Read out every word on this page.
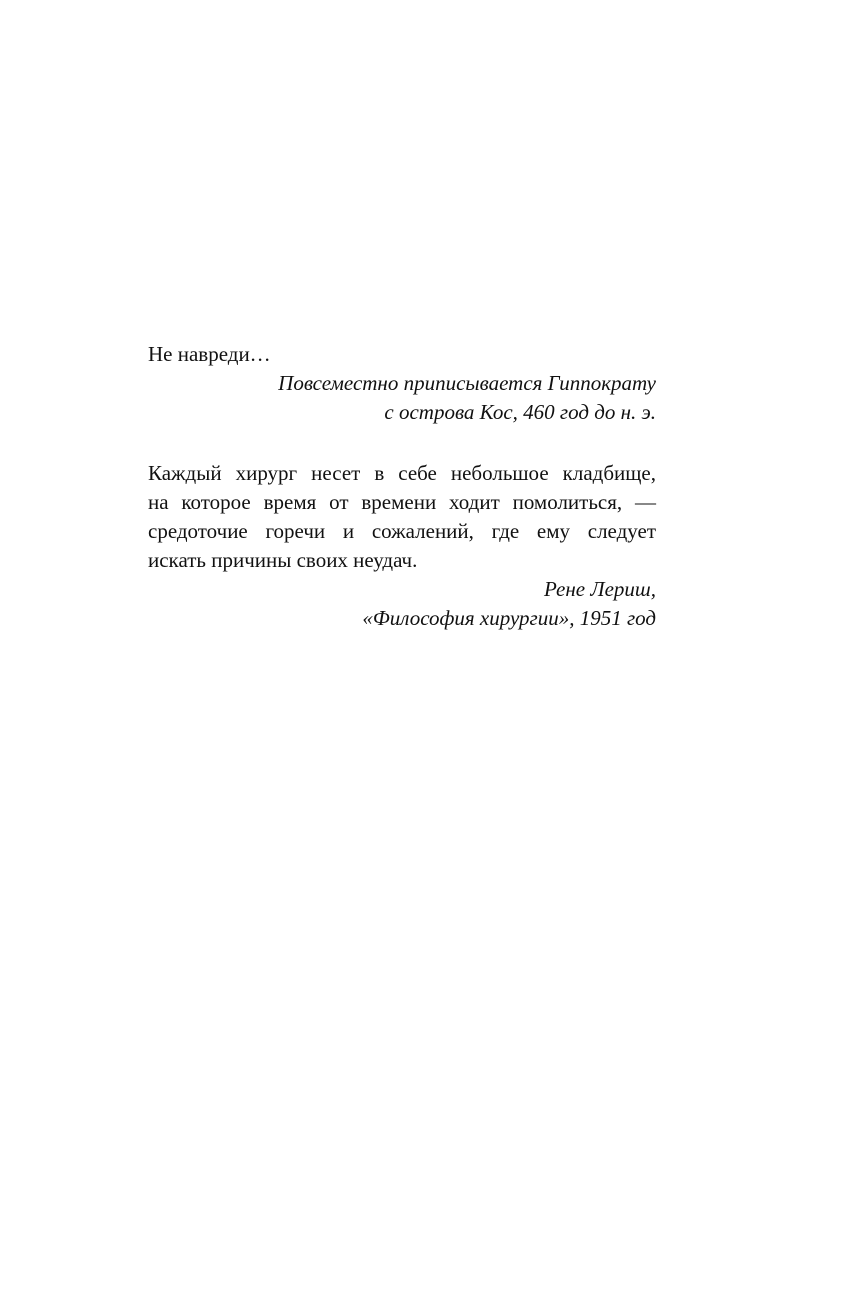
Не навреди…

Повсеместно приписывается Гиппократу
с острова Кос, 460 год до н. э.

Каждый хирург несет в себе небольшое кладбище,
на которое время от времени ходит помолиться, —
средоточие горечи и сожалений, где ему следует
искать причины своих неудач.

Рене Лериш,
«Философия хирургии», 1951 год
